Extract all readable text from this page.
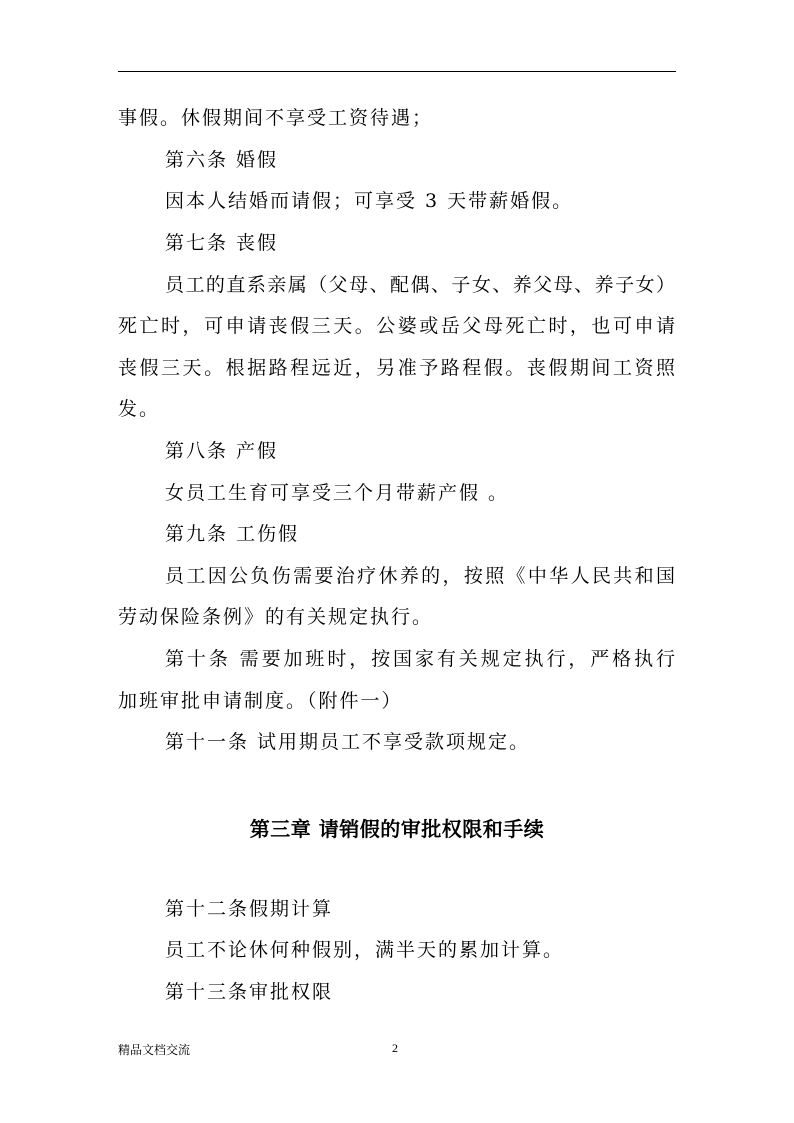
事假。休假期间不享受工资待遇；
第六条 婚假
因本人结婚而请假；可享受 3 天带薪婚假。
第七条 丧假
员工的直系亲属（父母、配偶、子女、养父母、养子女）
死亡时，可申请丧假三天。公婆或岳父母死亡时，也可申请
丧假三天。根据路程远近，另准予路程假。丧假期间工资照
发。
第八条 产假
女员工生育可享受三个月带薪产假 。
第九条 工伤假
员工因公负伤需要治疗休养的，按照《中华人民共和国
劳动保险条例》的有关规定执行。
第十条 需要加班时，按国家有关规定执行，严格执行
加班审批申请制度。（附件一）
第十一条 试用期员工不享受款项规定。
第三章 请销假的审批权限和手续
第十二条假期计算
员工不论休何种假别，满半天的累加计算。
第十三条审批权限
精品文档交流	2
